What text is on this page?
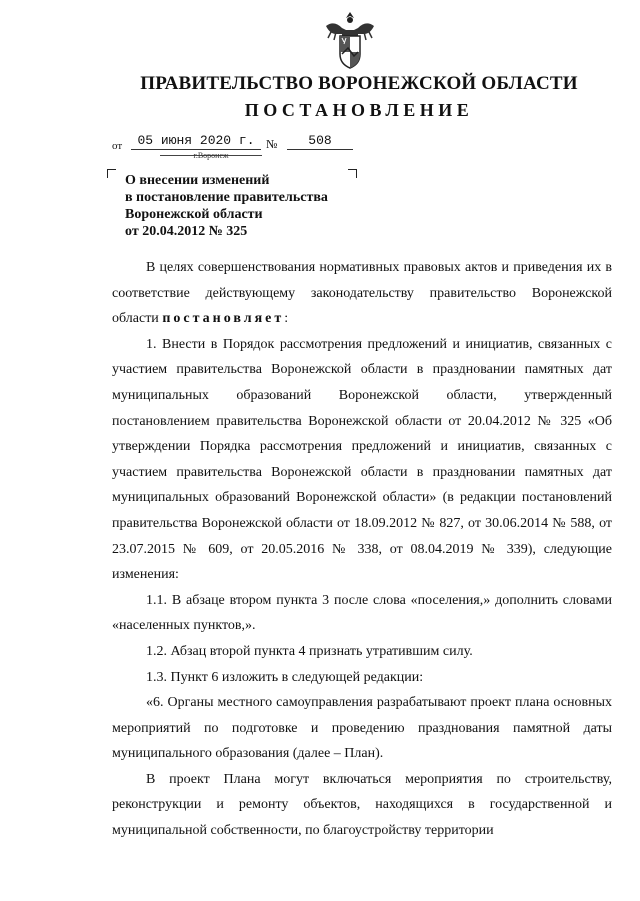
ПРАВИТЕЛЬСТВО ВОРОНЕЖСКОЙ ОБЛАСТИ
ПОСТАНОВЛЕНИЕ
от	05 июня 2020 г. №	508
г.Воронеж
О внесении изменений
в постановление правительства
Воронежской области
от 20.04.2012 № 325

В целях совершенствования нормативных правовых актов и приведения их в соответствие действующему законодательству правительство Воронежской области постановляет:

1. Внести в Порядок рассмотрения предложений и инициатив, связанных с участием правительства Воронежской области в праздновании памятных дат муниципальных образований Воронежской области, утвержденный постановлением правительства Воронежской области от 20.04.2012 № 325 «Об утверждении Порядка рассмотрения предложений и инициатив, связанных с участием правительства Воронежской области в праздновании памятных дат муниципальных образований Воронежской области» (в редакции постановлений правительства Воронежской области от 18.09.2012 № 827, от 30.06.2014 № 588, от 23.07.2015 № 609, от 20.05.2016 № 338, от 08.04.2019 № 339), следующие изменения:

1.1. В абзаце втором пункта 3 после слова «поселения,» дополнить словами «населенных пунктов,».

1.2. Абзац второй пункта 4 признать утратившим силу.

1.3. Пункт 6 изложить в следующей редакции:

«6. Органы местного самоуправления разрабатывают проект плана основных мероприятий по подготовке и проведению празднования памятной даты муниципального образования (далее – План).

В проект Плана могут включаться мероприятия по строительству, реконструкции и ремонту объектов, находящихся в государственной и муниципальной собственности, по благоустройству территории
